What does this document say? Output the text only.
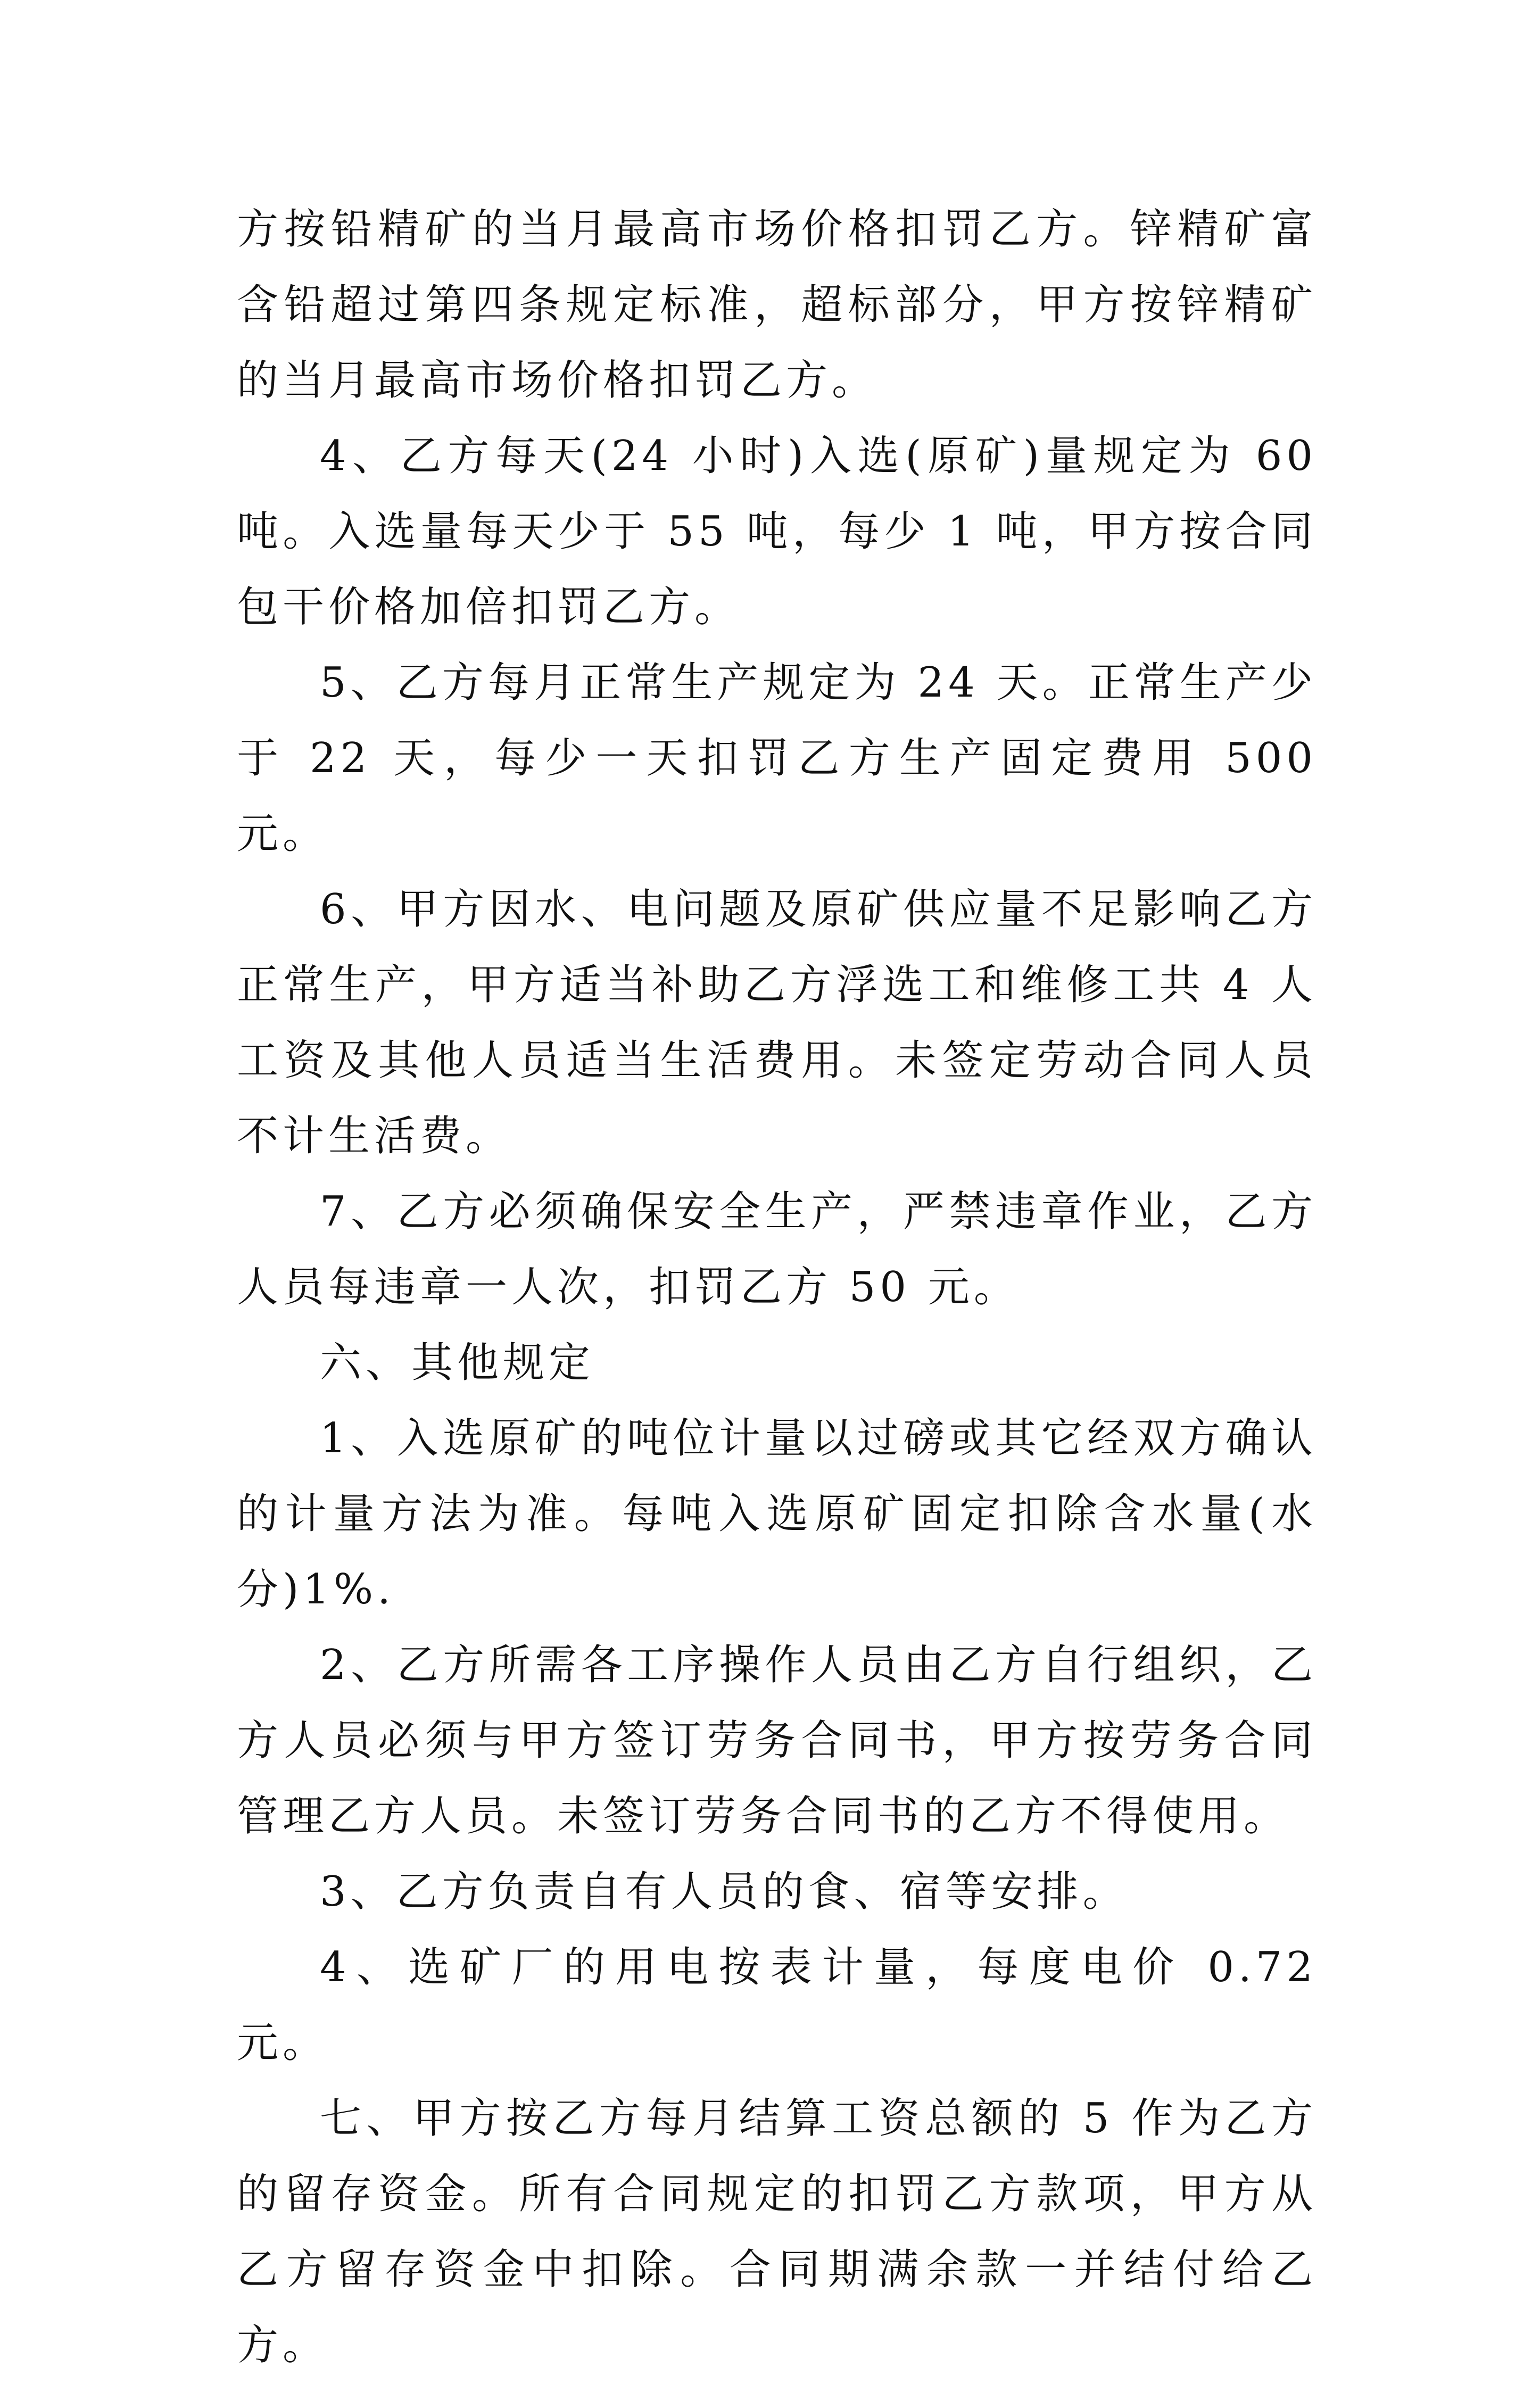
方按铅精矿的当月最高市场价格扣罚乙方。锌精矿富含铅超过第四条规定标准，超标部分，甲方按锌精矿的当月最高市场价格扣罚乙方。

4、乙方每天(24 小时)入选(原矿)量规定为 60 吨。入选量每天少于 55 吨，每少 1 吨，甲方按合同包干价格加倍扣罚乙方。

5、乙方每月正常生产规定为 24 天。正常生产少于 22 天，每少一天扣罚乙方生产固定费用 500 元。

6、甲方因水、电问题及原矿供应量不足影响乙方正常生产，甲方适当补助乙方浮选工和维修工共 4 人工资及其他人员适当生活费用。未签定劳动合同人员不计生活费。

7、乙方必须确保安全生产，严禁违章作业，乙方人员每违章一人次，扣罚乙方 50 元。

六、其他规定

1、入选原矿的吨位计量以过磅或其它经双方确认的计量方法为准。每吨入选原矿固定扣除含水量(水分)1%.

2、乙方所需各工序操作人员由乙方自行组织，乙方人员必须与甲方签订劳务合同书，甲方按劳务合同管理乙方人员。未签订劳务合同书的乙方不得使用。

3、乙方负责自有人员的食、宿等安排。

4、选矿厂的用电按表计量，每度电价 0.72 元。

七、甲方按乙方每月结算工资总额的 5 作为乙方的留存资金。所有合同规定的扣罚乙方款项，甲方从乙方留存资金中扣除。合同期满余款一并结付给乙方。
